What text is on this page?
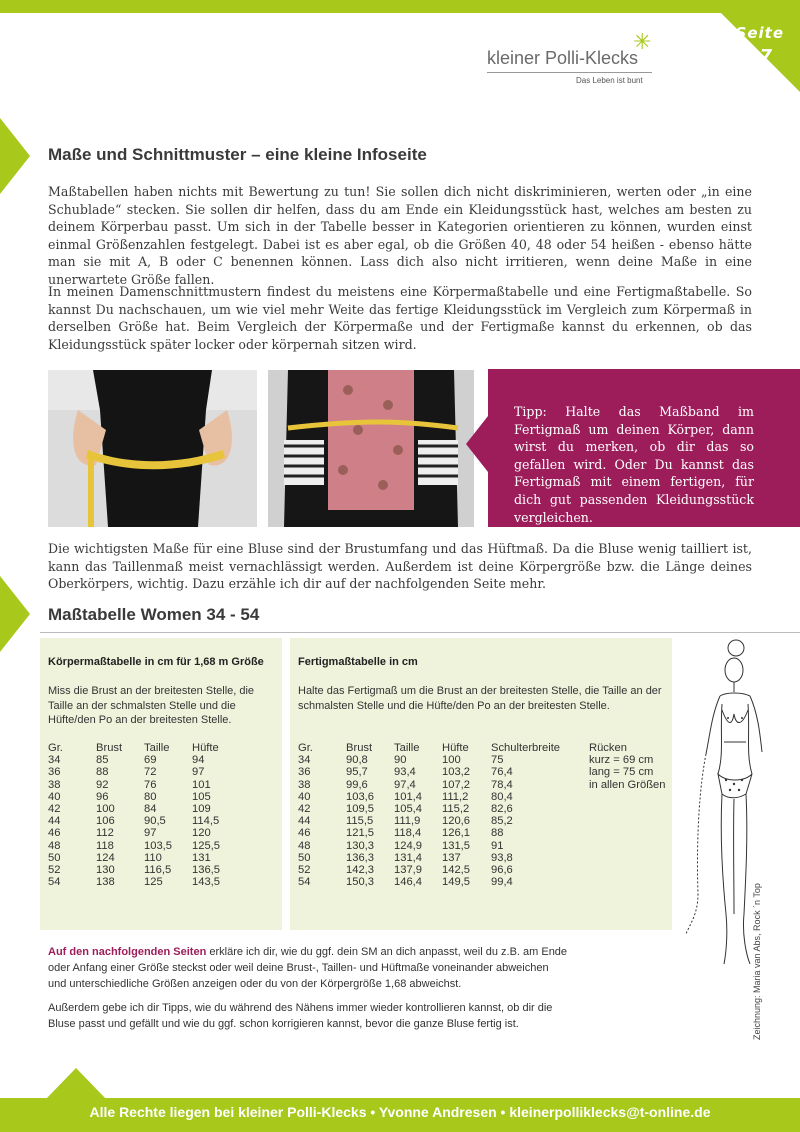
Seite
7
✳
kleiner Polli-Klecks
Das Leben ist bunt
Maße und Schnittmuster – eine kleine Infoseite
Maßtabellen haben nichts mit Bewertung zu tun! Sie sollen dich nicht diskriminieren, werten oder „in eine Schublade“ stecken. Sie sollen dir helfen, dass du am Ende ein Kleidungsstück hast, welches am besten zu deinem Körperbau passt. Um sich in der Tabelle besser in Kategorien orientieren zu können, wurden einst einmal Größenzahlen festgelegt. Dabei ist es aber egal, ob die Größen 40, 48 oder 54 heißen - ebenso hätte man sie mit A, B oder C benennen können. Lass dich also nicht irritieren, wenn deine Maße in eine unerwartete Größe fallen.
In meinen Damenschnittmustern findest du meistens eine Körpermaßtabelle und eine Fertigmaßtabelle. So kannst Du nachschauen, um wie viel mehr Weite das fertige Kleidungsstück im Vergleich zum Körpermaß in derselben Größe hat. Beim Vergleich der Körpermaße und der Fertigmaße kannst du erkennen, ob das Kleidungsstück später locker oder körpernah sitzen wird.
Tipp: Halte das Maßband im Fertigmaß um deinen Körper, dann wirst du merken, ob dir das so gefallen wird. Oder Du kannst das Fertigmaß mit einem fertigen, für dich gut passenden Kleidungsstück vergleichen.
Die wichtigsten Maße für eine Bluse sind der Brustumfang und das Hüftmaß. Da die Bluse wenig tailliert ist, kann das Taillenmaß meist vernachlässigt werden. Außerdem ist deine Körpergröße bzw. die Länge deines Oberkörpers, wichtig. Dazu erzähle ich dir auf der nachfolgenden Seite mehr.
Maßtabelle Women 34 - 54
Körpermaßtabelle in cm für 1,68 m Größe
Miss die Brust an der breitesten Stelle, die Taille an der schmalsten Stelle und die Hüfte/den Po an der breitesten Stelle.
Gr.	Brust	Taille	Hüfte
34	85	69	94
36	88	72	97
38	92	76	101
40	96	80	105
42	100	84	109
44	106	90,5	114,5
46	112	97	120
48	118	103,5	125,5
50	124	110	131
52	130	116,5	136,5
54	138	125	143,5
Fertigmaßtabelle in cm
Halte das Fertigmaß um die Brust an der breitesten Stelle, die Taille an der schmalsten Stelle und die Hüfte/den Po an der breitesten Stelle.
Gr.	Brust	Taille	Hüfte	Schulterbreite
34	90,8	90	100	75
36	95,7	93,4	103,2	76,4
38	99,6	97,4	107,2	78,4
40	103,6	101,4	111,2	80,4
42	109,5	105,4	115,2	82,6
44	115,5	111,9	120,6	85,2
46	121,5	118,4	126,1	88
48	130,3	124,9	131,5	91
50	136,3	131,4	137	93,8
52	142,3	137,9	142,5	96,6
54	150,3	146,4	149,5	99,4
Rücken
kurz = 69 cm
lang = 75 cm
in allen Größen
Zeichnung: Maria van Abs, Rock ´n Top
Auf den nachfolgenden Seiten erkläre ich dir, wie du ggf. dein SM an dich anpasst, weil du z.B. am Ende oder Anfang einer Größe steckst oder weil deine Brust-, Taillen- und Hüftmaße voneinander abweichen und unterschiedliche Größen anzeigen oder du von der Körpergröße 1,68 abweichst.
Außerdem gebe ich dir Tipps, wie du während des Nähens immer wieder kontrollieren kannst, ob dir die Bluse passt und gefällt und wie du ggf. schon korrigieren kannst, bevor die ganze Bluse fertig ist.
Alle Rechte liegen bei kleiner Polli-Klecks • Yvonne Andresen • kleinerpolliklecks@t-online.de
